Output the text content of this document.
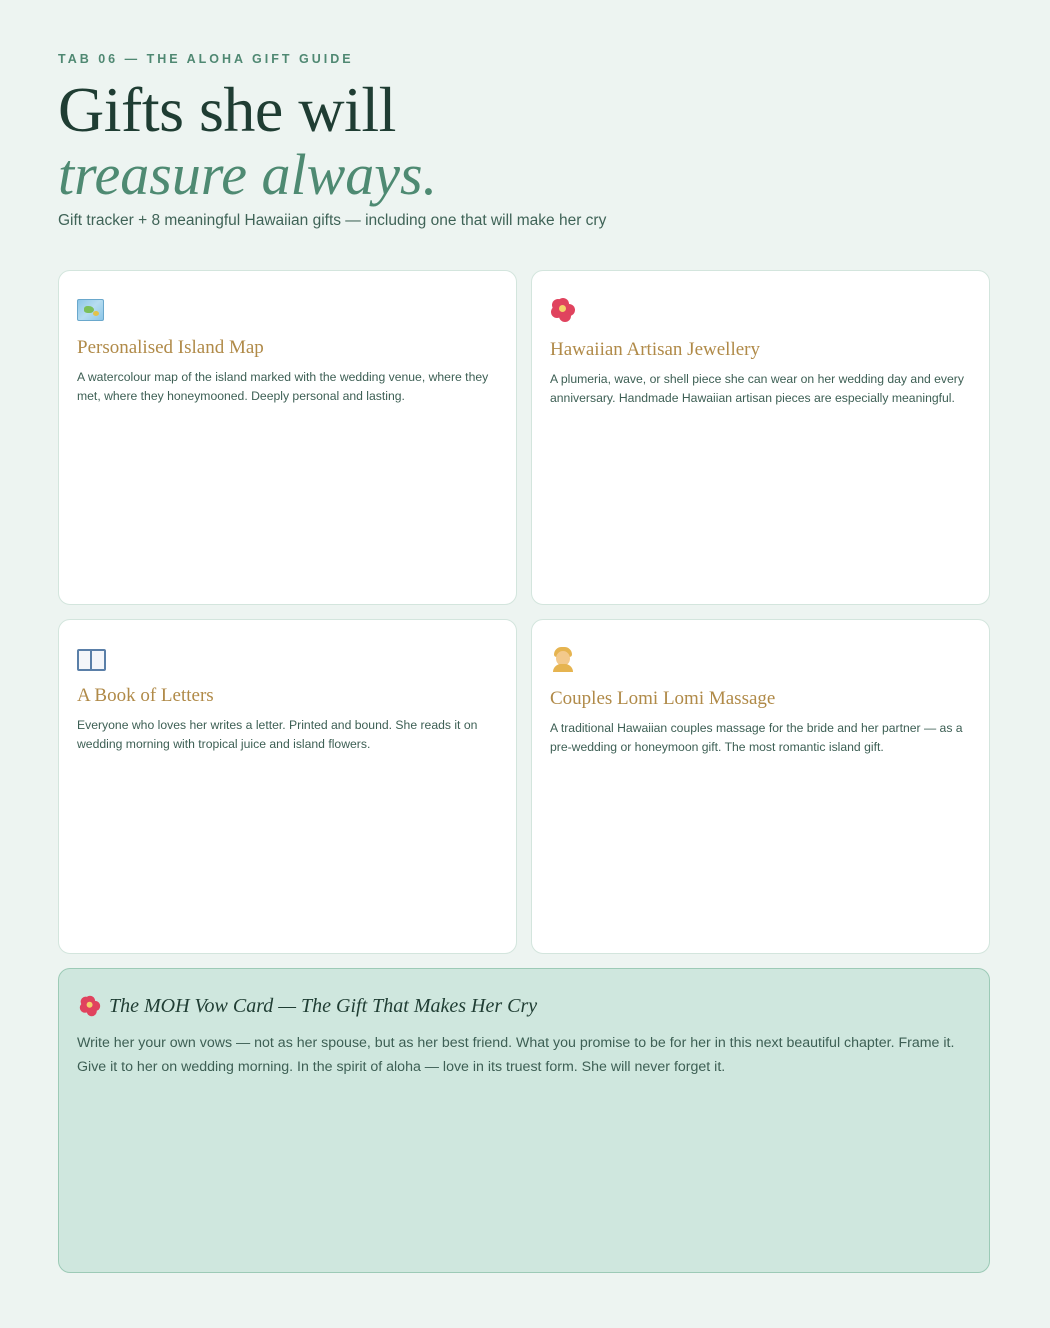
TAB 06 — THE ALOHA GIFT GUIDE
Gifts she will
treasure always.
Gift tracker + 8 meaningful Hawaiian gifts — including one that will make her cry
Personalised Island Map
A watercolour map of the island marked with the wedding venue, where they met, where they honeymooned. Deeply personal and lasting.
Hawaiian Artisan Jewellery
A plumeria, wave, or shell piece she can wear on her wedding day and every anniversary. Handmade Hawaiian artisan pieces are especially meaningful.
A Book of Letters
Everyone who loves her writes a letter. Printed and bound. She reads it on wedding morning with tropical juice and island flowers.
Couples Lomi Lomi Massage
A traditional Hawaiian couples massage for the bride and her partner — as a pre-wedding or honeymoon gift. The most romantic island gift.
The MOH Vow Card — The Gift That Makes Her Cry
Write her your own vows — not as her spouse, but as her best friend. What you promise to be for her in this next beautiful chapter. Frame it. Give it to her on wedding morning. In the spirit of aloha — love in its truest form. She will never forget it.
